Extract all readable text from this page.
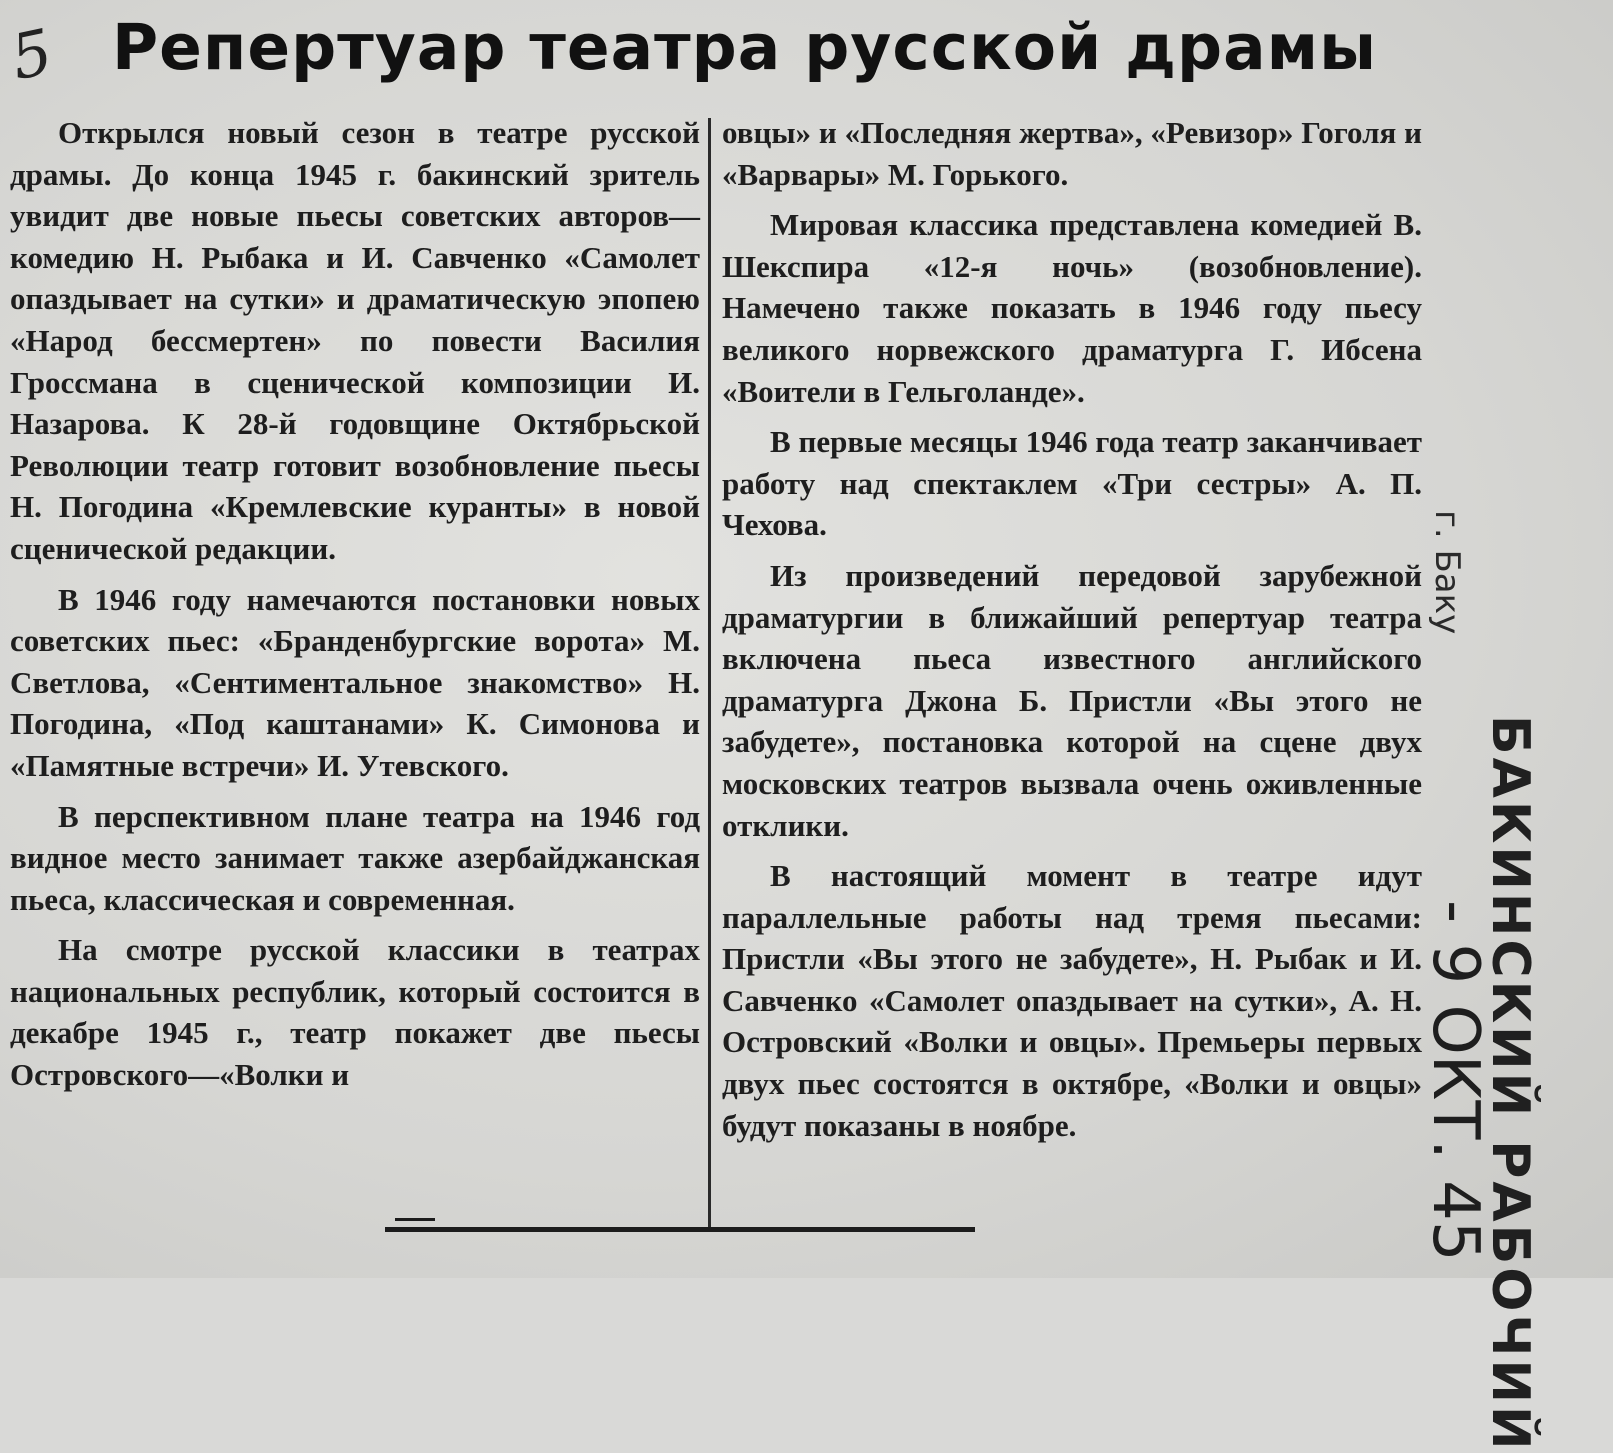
5 Репертуар театра русской драмы

Открылся новый сезон в театре русской драмы. До конца 1945 г. бакинский зритель увидит две новые пьесы советских авторов—комедию Н. Рыбака и И. Савченко «Самолет опаздывает на сутки» и драматическую эпопею «Народ бессмертен» по повести Василия Гроссмана в сценической композиции И. Назарова. К 28-й годовщине Октябрьской Революции театр готовит возобновление пьесы Н. Погодина «Кремлевские куранты» в новой сценической редакции.

В 1946 году намечаются постановки новых советских пьес: «Бранденбургские ворота» М. Светлова, «Сентиментальное знакомство» Н. Погодина, «Под каштанами» К. Симонова и «Памятные встречи» И. Утевского.

В перспективном плане театра на 1946 год видное место занимает также азербайджанская пьеса, классическая и современная.

На смотре русской классики в театрах национальных республик, который состоится в декабре 1945 г., театр покажет две пьесы Островского—«Волки и

овцы» и «Последняя жертва», «Ревизор» Гоголя и «Варвары» М. Горького.

Мировая классика представлена комедией В. Шекспира «12-я ночь» (возобновление). Намечено также показать в 1946 году пьесу великого норвежского драматурга Г. Ибсена «Воители в Гельголанде».

В первые месяцы 1946 года театр заканчивает работу над спектаклем «Три сестры» А. П. Чехова.

Из произведений передовой зарубежной драматургии в ближайший репертуар театра включена пьеса известного английского драматурга Джона Б. Пристли «Вы этого не забудете», постановка которой на сцене двух московских театров вызвала очень оживленные отклики.

В настоящий момент в театре идут параллельные работы над тремя пьесами: Пристли «Вы этого не забудете», Н. Рыбак и И. Савченко «Самолет опаздывает на сутки», А. Н. Островский «Волки и овцы». Премьеры первых двух пьес состоятся в октябре, «Волки и овцы» будут показаны в ноябре.	БАКИНСКИЙ РАБОЧИЙ
г. Баку
- 9 ОКТ. 45
